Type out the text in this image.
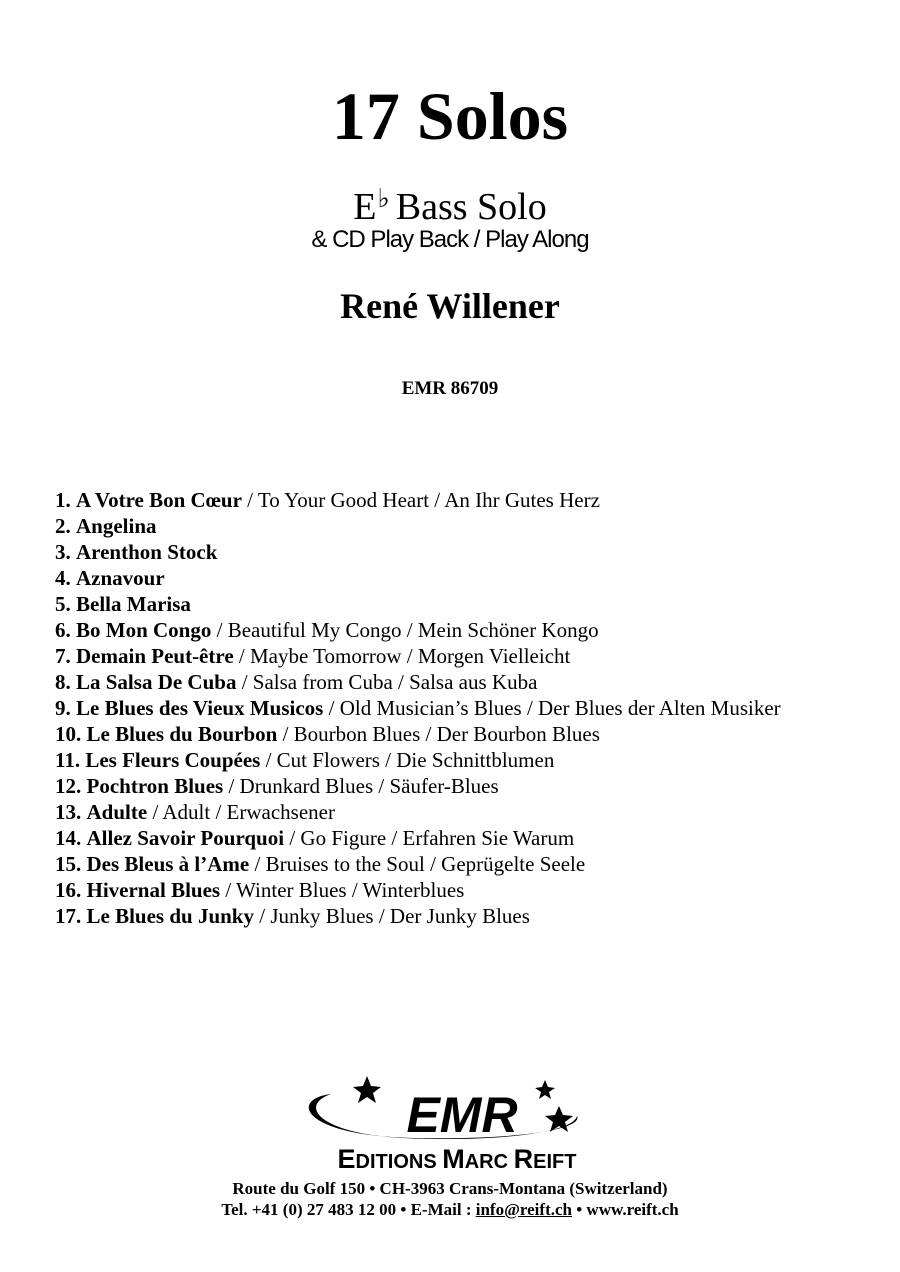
17 Solos
E♭ Bass Solo
& CD Play Back / Play Along
René Willener
EMR 86709
1. A Votre Bon Cœur / To Your Good Heart / An Ihr Gutes Herz
2. Angelina
3. Arenthon Stock
4. Aznavour
5. Bella Marisa
6. Bo Mon Congo / Beautiful My Congo / Mein Schöner Kongo
7. Demain Peut-être / Maybe Tomorrow / Morgen Vielleicht
8. La Salsa De Cuba / Salsa from Cuba / Salsa aus Kuba
9. Le Blues des Vieux Musicos / Old Musician’s Blues / Der Blues der Alten Musiker
10. Le Blues du Bourbon / Bourbon Blues / Der Bourbon Blues
11. Les Fleurs Coupées / Cut Flowers / Die Schnittblumen
12. Pochtron Blues / Drunkard Blues / Säufer-Blues
13. Adulte / Adult / Erwachsener
14. Allez Savoir Pourquoi / Go Figure / Erfahren Sie Warum
15. Des Bleus à l’Ame / Bruises to the Soul / Geprügelte Seele
16. Hivernal Blues / Winter Blues / Winterblues
17. Le Blues du Junky / Junky Blues / Der Junky Blues
EMR
EDITIONS MARC REIFT
Route du Golf 150 • CH-3963 Crans-Montana (Switzerland)
Tel. +41 (0) 27 483 12 00 • E-Mail : info@reift.ch • www.reift.ch
